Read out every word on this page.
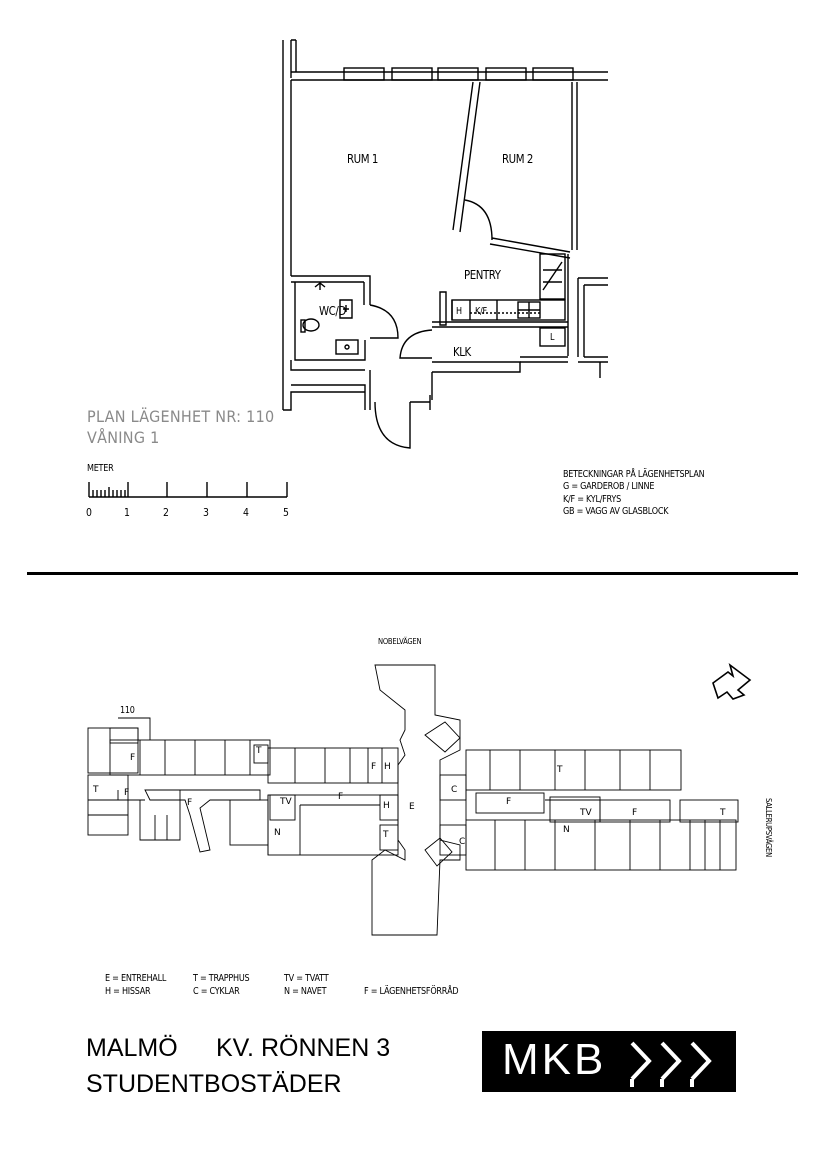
RUM 1	RUM 2
PENTRY
WC/D
KLK
H K/F
L
PLAN LÄGENHET NR: 110
VÅNING 1
METER
0	1	2	3	4	5
BETECKNINGAR PÅ LÄGENHETSPLAN
G = GARDEROB / LINNE
K/F = KYL/FRYS
GB = VÄGG AV GLASBLOCK
NOBELVÄGEN
SALLERUPSVÄGEN
110
F
T	F
F
T
F H
TV	F
H
N	T
E
C
C
F
T
TV
N
F	T
E = ENTREHALL
H = HISSAR
T = TRAPPHUS
C = CYKLAR
TV = TVÄTT
N = NAVET	F = LÄGENHETSFÖRRÅD
MALMÖ KV. RÖNNEN 3
STUDENTBOSTÄDER	MKB
